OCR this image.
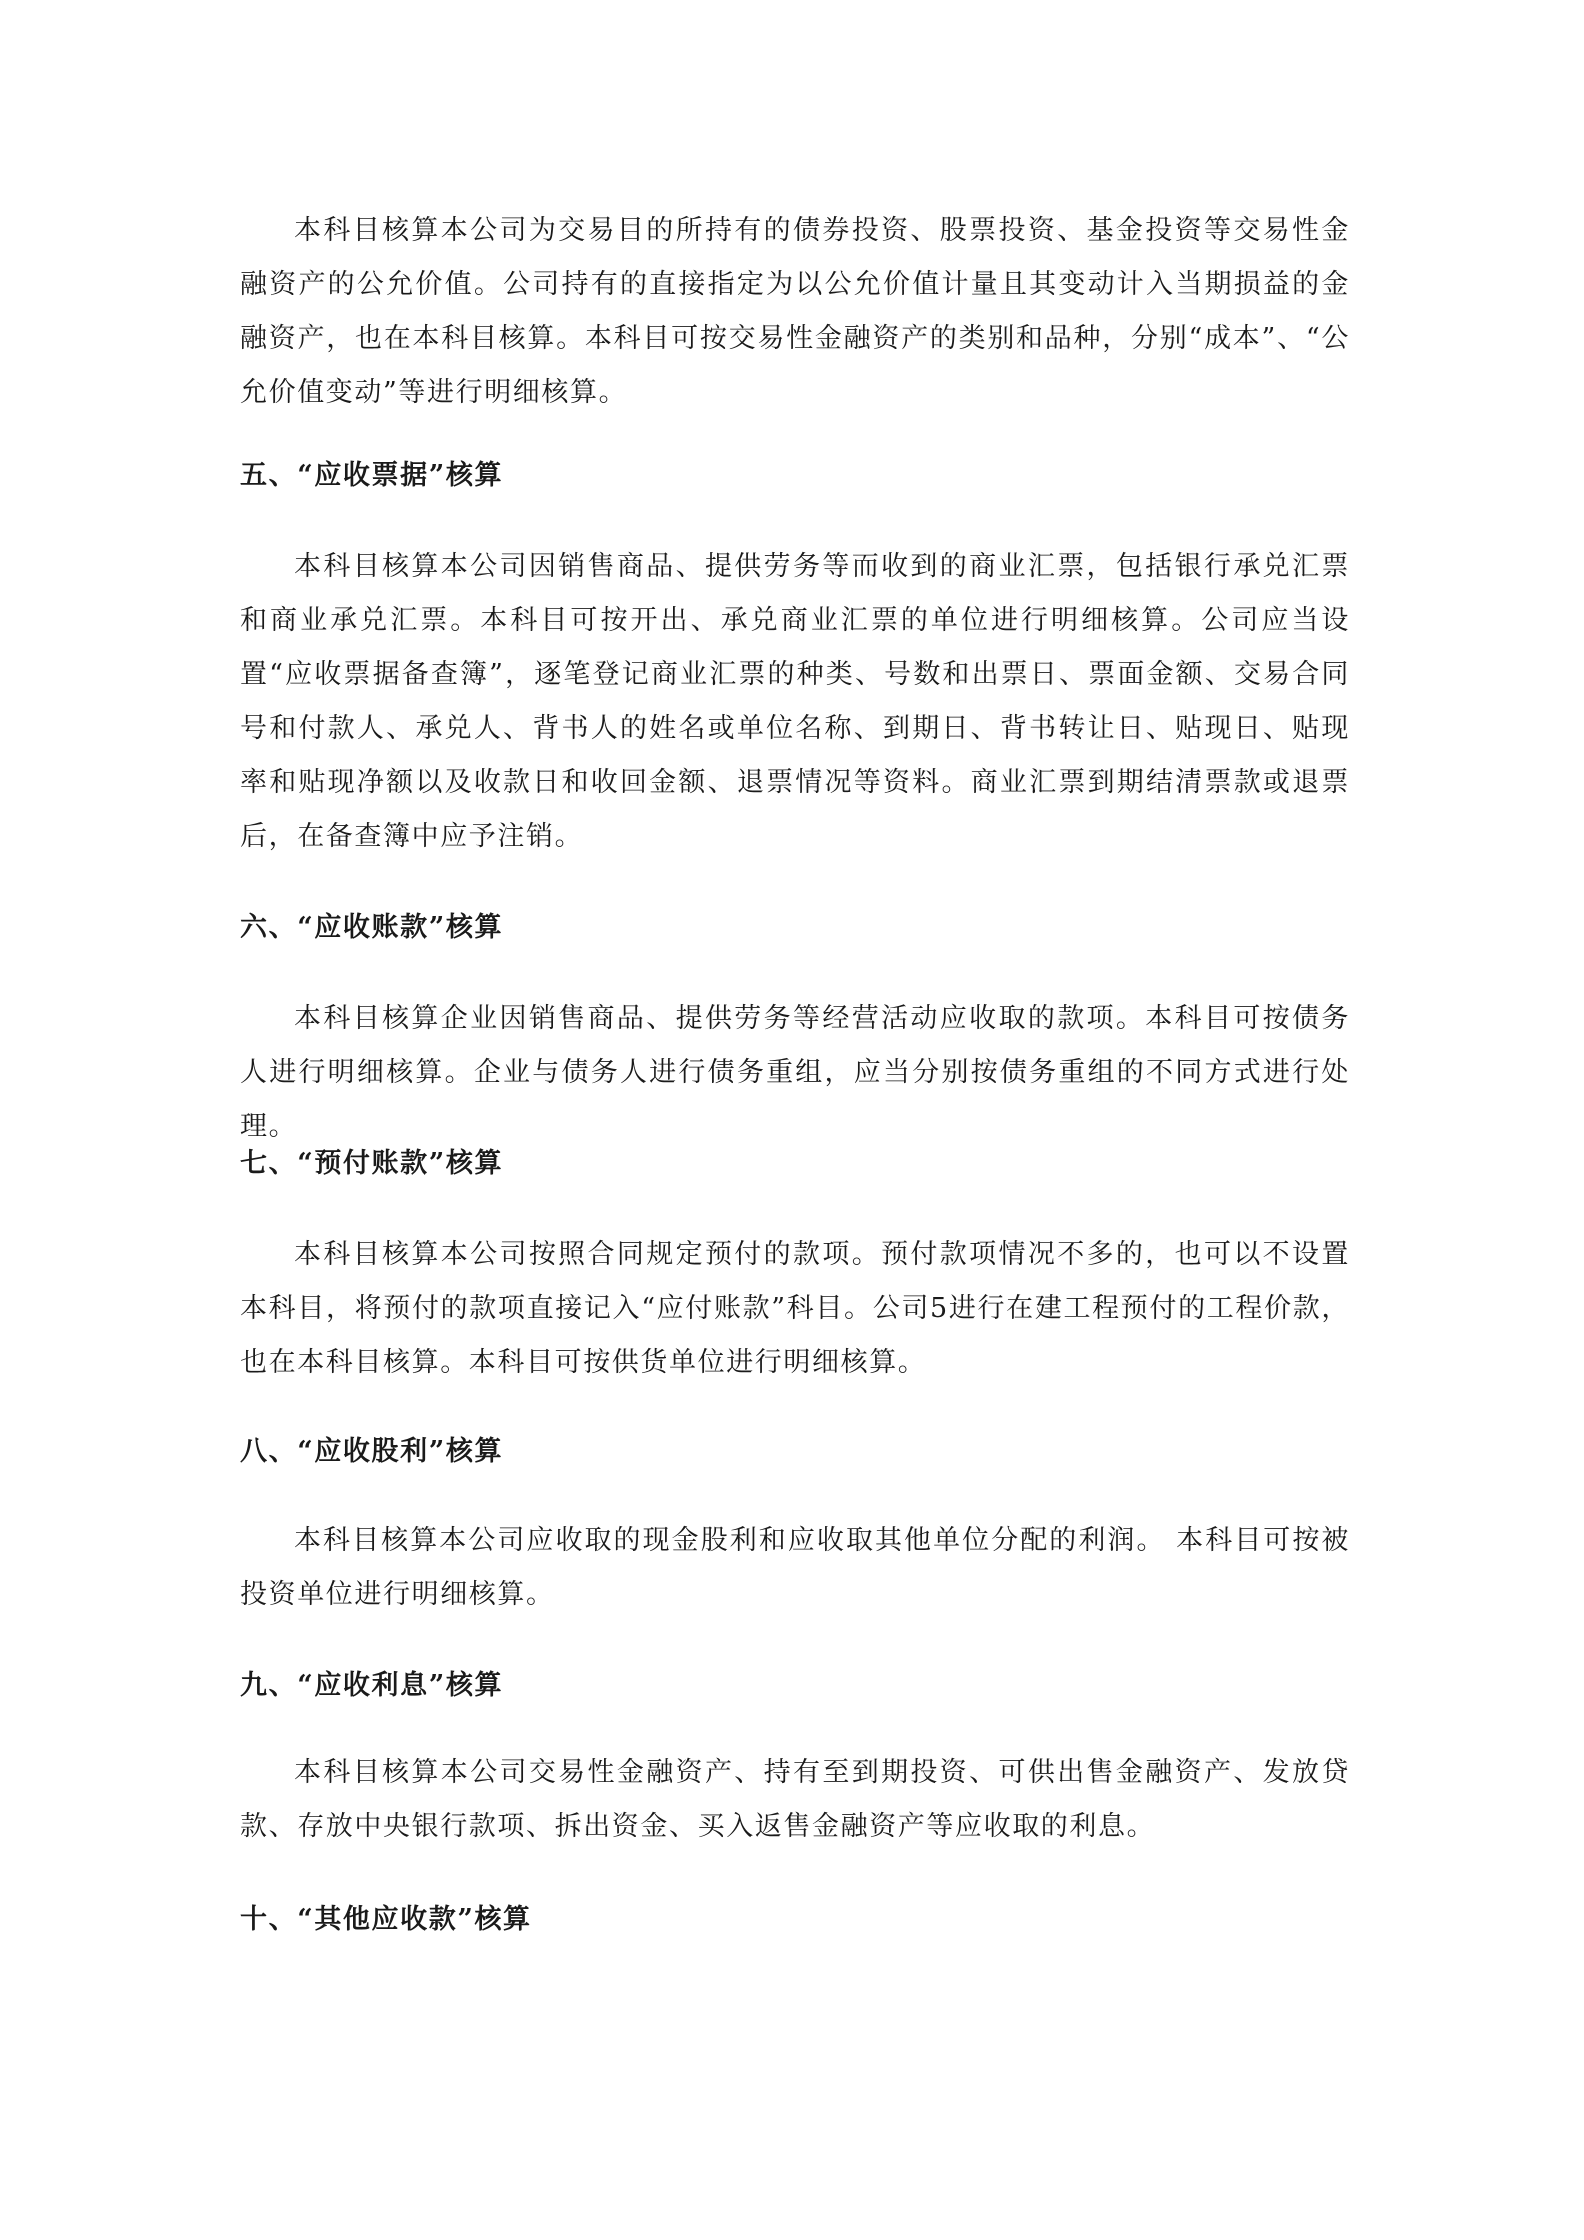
本科目核算本公司为交易目的所持有的债券投资、股票投资、基金投资等交易性金融资产的公允价值。公司持有的直接指定为以公允价值计量且其变动计入当期损益的金融资产，也在本科目核算。本科目可按交易性金融资产的类别和品种，分别“成本”、“公允价值变动”等进行明细核算。

五、“应收票据”核算

本科目核算本公司因销售商品、提供劳务等而收到的商业汇票，包括银行承兑汇票和商业承兑汇票。本科目可按开出、承兑商业汇票的单位进行明细核算。公司应当设置“应收票据备查簿”，逐笔登记商业汇票的种类、号数和出票日、票面金额、交易合同号和付款人、承兑人、背书人的姓名或单位名称、到期日、背书转让日、贴现日、贴现率和贴现净额以及收款日和收回金额、退票情况等资料。商业汇票到期结清票款或退票后，在备查簿中应予注销。

六、“应收账款”核算

本科目核算企业因销售商品、提供劳务等经营活动应收取的款项。本科目可按债务人进行明细核算。企业与债务人进行债务重组，应当分别按债务重组的不同方式进行处理。

七、“预付账款”核算

本科目核算本公司按照合同规定预付的款项。预付款项情况不多的，也可以不设置本科目，将预付的款项直接记入“应付账款”科目。公司5进行在建工程预付的工程价款，也在本科目核算。本科目可按供货单位进行明细核算。

八、“应收股利”核算

本科目核算本公司应收取的现金股利和应收取其他单位分配的利润。 本科目可按被投资单位进行明细核算。

九、“应收利息”核算

本科目核算本公司交易性金融资产、持有至到期投资、可供出售金融资产、发放贷款、存放中央银行款项、拆出资金、买入返售金融资产等应收取的利息。

十、“其他应收款”核算
